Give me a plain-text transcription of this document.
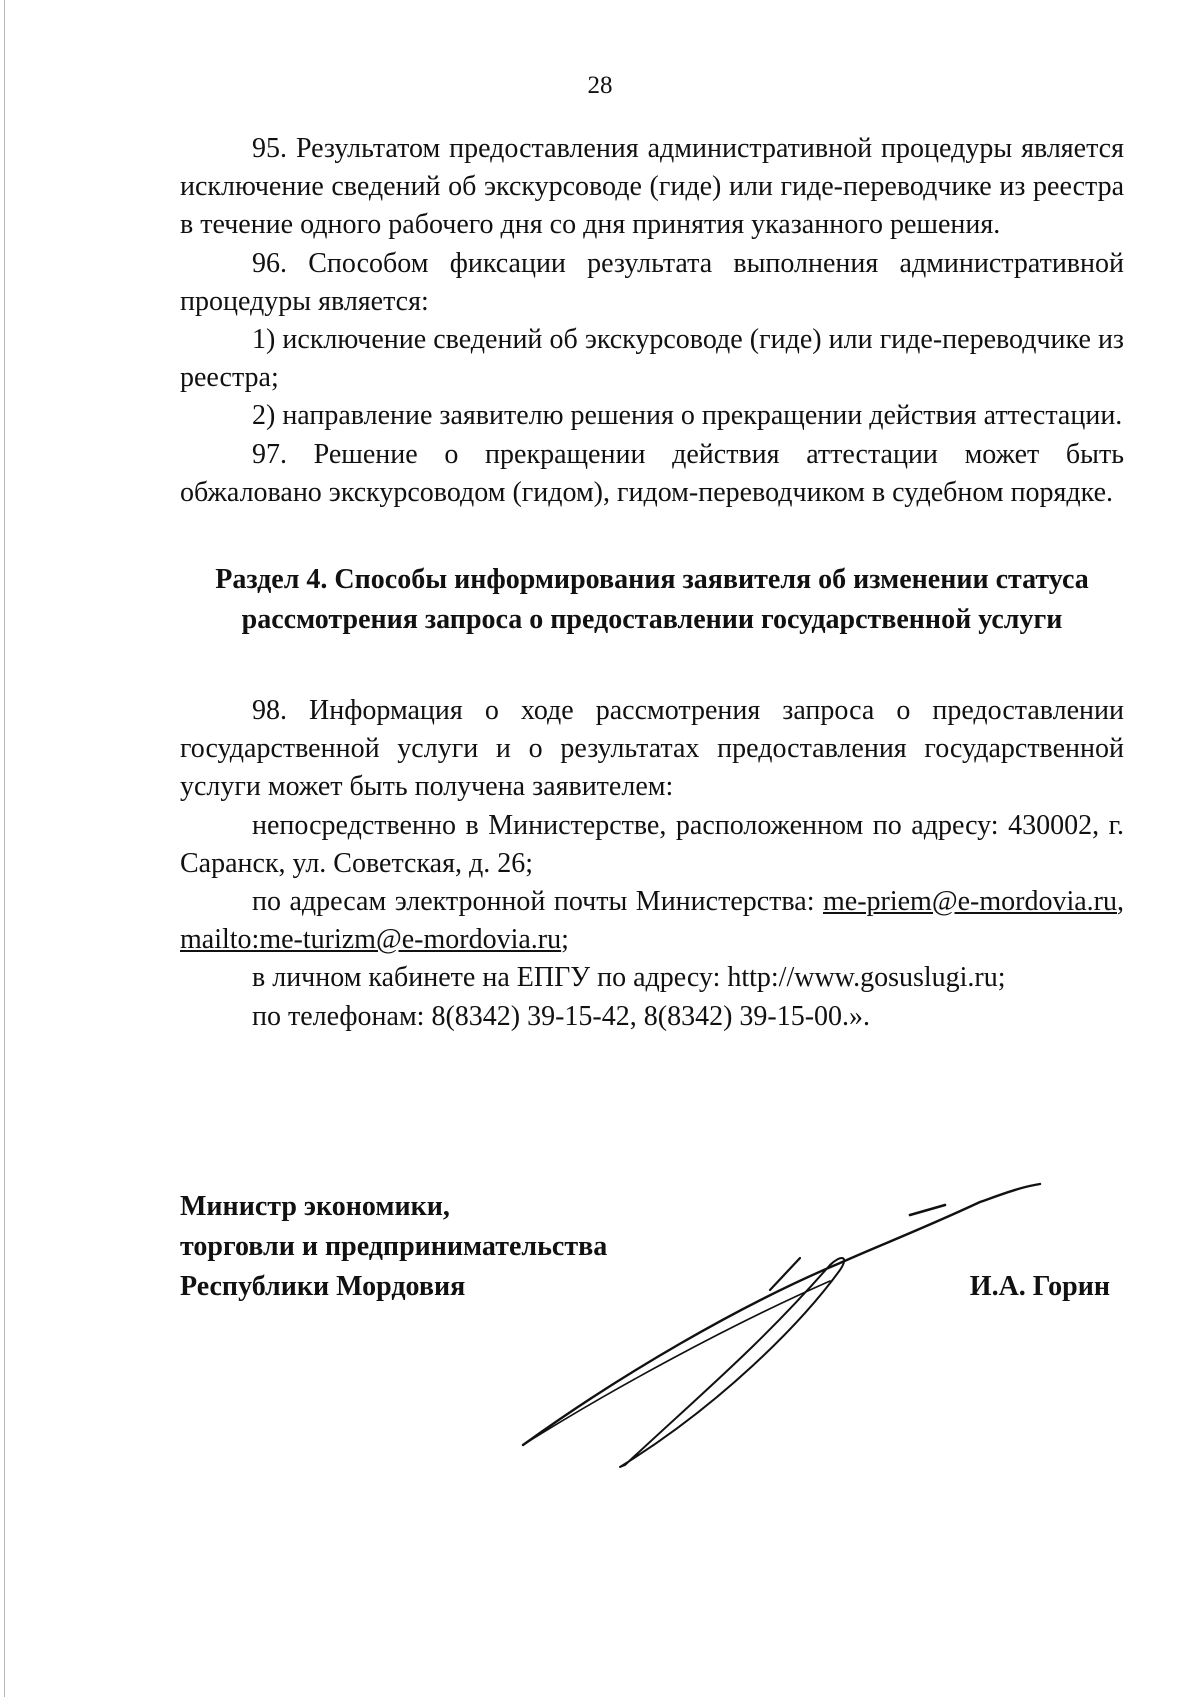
28

95. Результатом предоставления административной процедуры является исключение сведений об экскурсоводе (гиде) или гиде-переводчике из реестра в течение одного рабочего дня со дня принятия указанного решения.

96. Способом фиксации результата выполнения административной процедуры является:

1) исключение сведений об экскурсоводе (гиде) или гиде-переводчике из реестра;

2) направление заявителю решения о прекращении действия аттестации.

97. Решение о прекращении действия аттестации может быть обжаловано экскурсоводом (гидом), гидом-переводчиком в судебном порядке.

Раздел 4. Способы информирования заявителя об изменении статуса рассмотрения запроса о предоставлении государственной услуги

98. Информация о ходе рассмотрения запроса о предоставлении государственной услуги и о результатах предоставления государственной услуги может быть получена заявителем:

непосредственно в Министерстве, расположенном по адресу: 430002, г. Саранск, ул. Советская, д. 26;

по адресам электронной почты Министерства: me-priem@e-mordovia.ru, mailto:me-turizm@e-mordovia.ru;

в личном кабинете на ЕПГУ по адресу: http://www.gosuslugi.ru;

по телефонам: 8(8342) 39-15-42, 8(8342) 39-15-00.».

Министр экономики,
торговли и предпринимательства
Республики Мордовия	И.А. Горин
